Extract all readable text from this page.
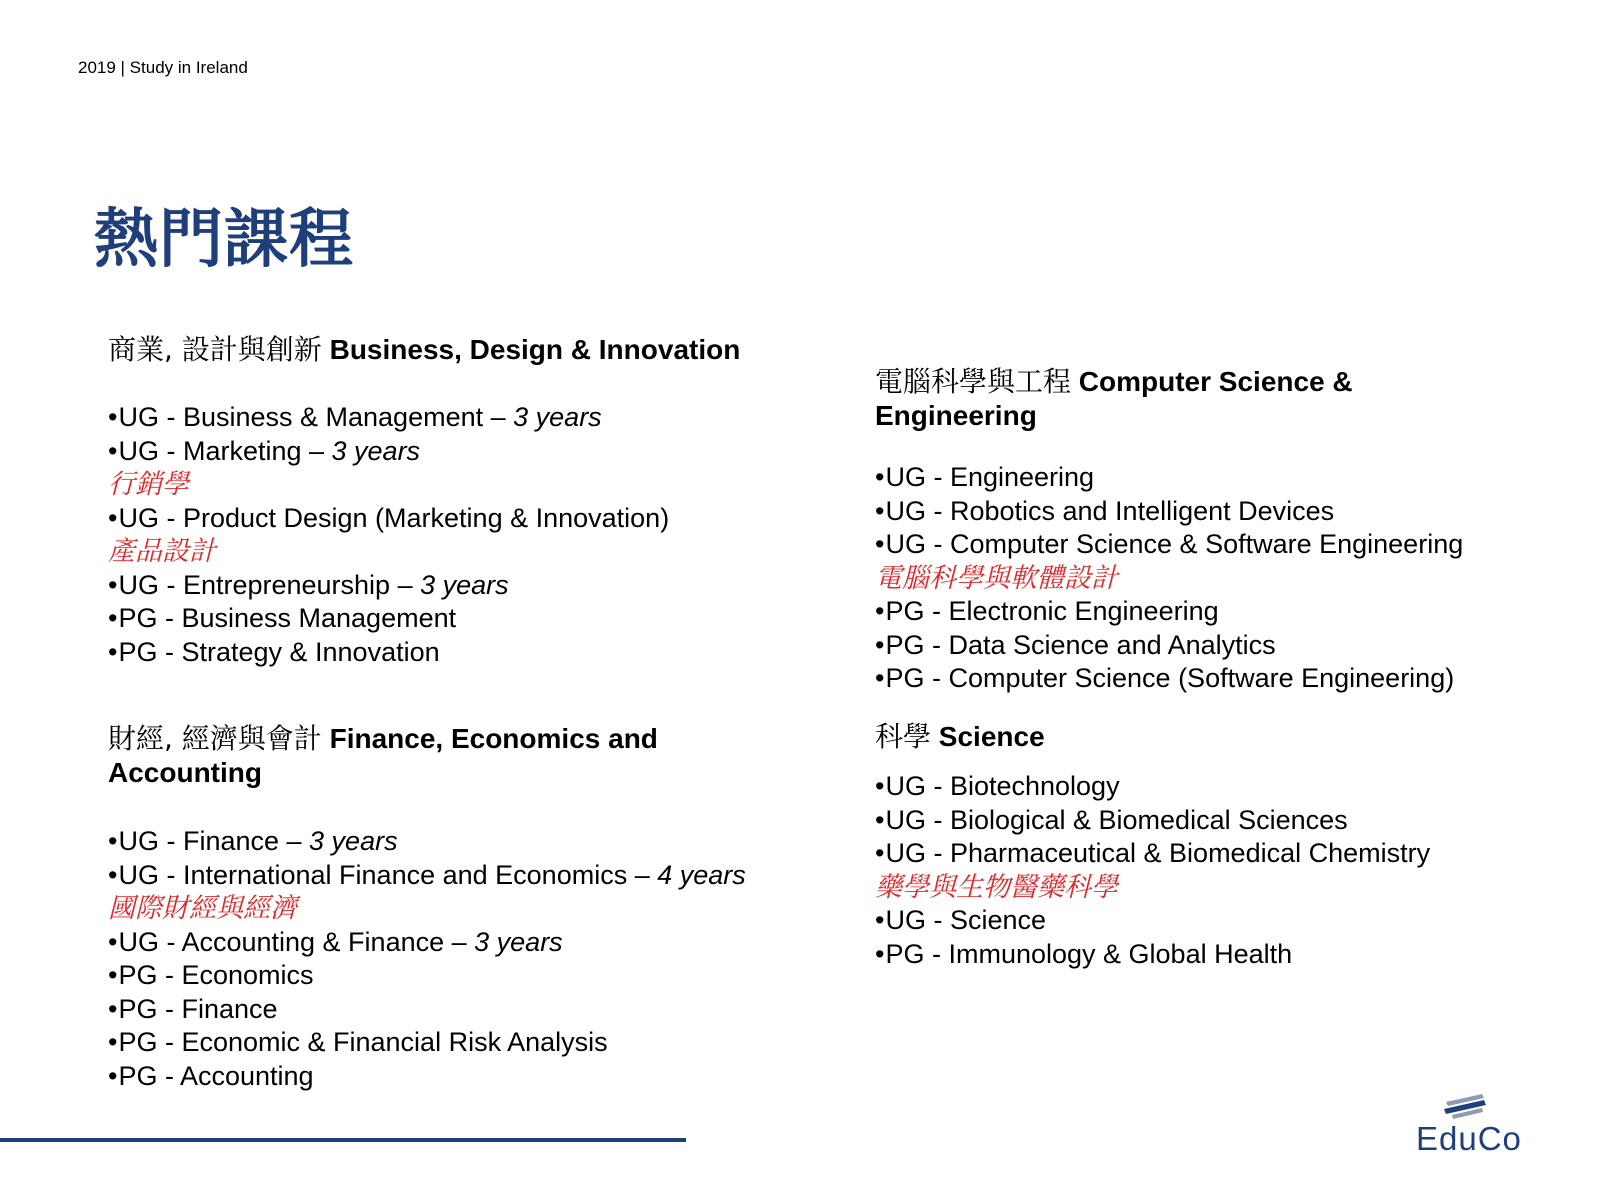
2019 | Study in Ireland
熱門課程
商業, 設計與創新 Business, Design & Innovation
•UG - Business & Management – 3 years
•UG - Marketing – 3 years
行銷學
•UG - Product Design (Marketing & Innovation)
產品設計
•UG - Entrepreneurship – 3 years
•PG - Business Management
•PG - Strategy & Innovation
財經, 經濟與會計 Finance, Economics and
Accounting
•UG - Finance – 3 years
•UG - International Finance and Economics – 4 years
國際財經與經濟
•UG - Accounting & Finance – 3 years
•PG - Economics
•PG - Finance
•PG - Economic & Financial Risk Analysis
•PG - Accounting
電腦科學與工程 Computer Science &
Engineering
•UG - Engineering
•UG - Robotics and Intelligent Devices
•UG - Computer Science & Software Engineering
電腦科學與軟體設計
•PG - Electronic Engineering
•PG - Data Science and Analytics
•PG - Computer Science (Software Engineering)
科學 Science
•UG - Biotechnology
•UG - Biological & Biomedical Sciences
•UG - Pharmaceutical & Biomedical Chemistry
藥學與生物醫藥科學
•UG - Science
•PG - Immunology & Global Health
EduCo
